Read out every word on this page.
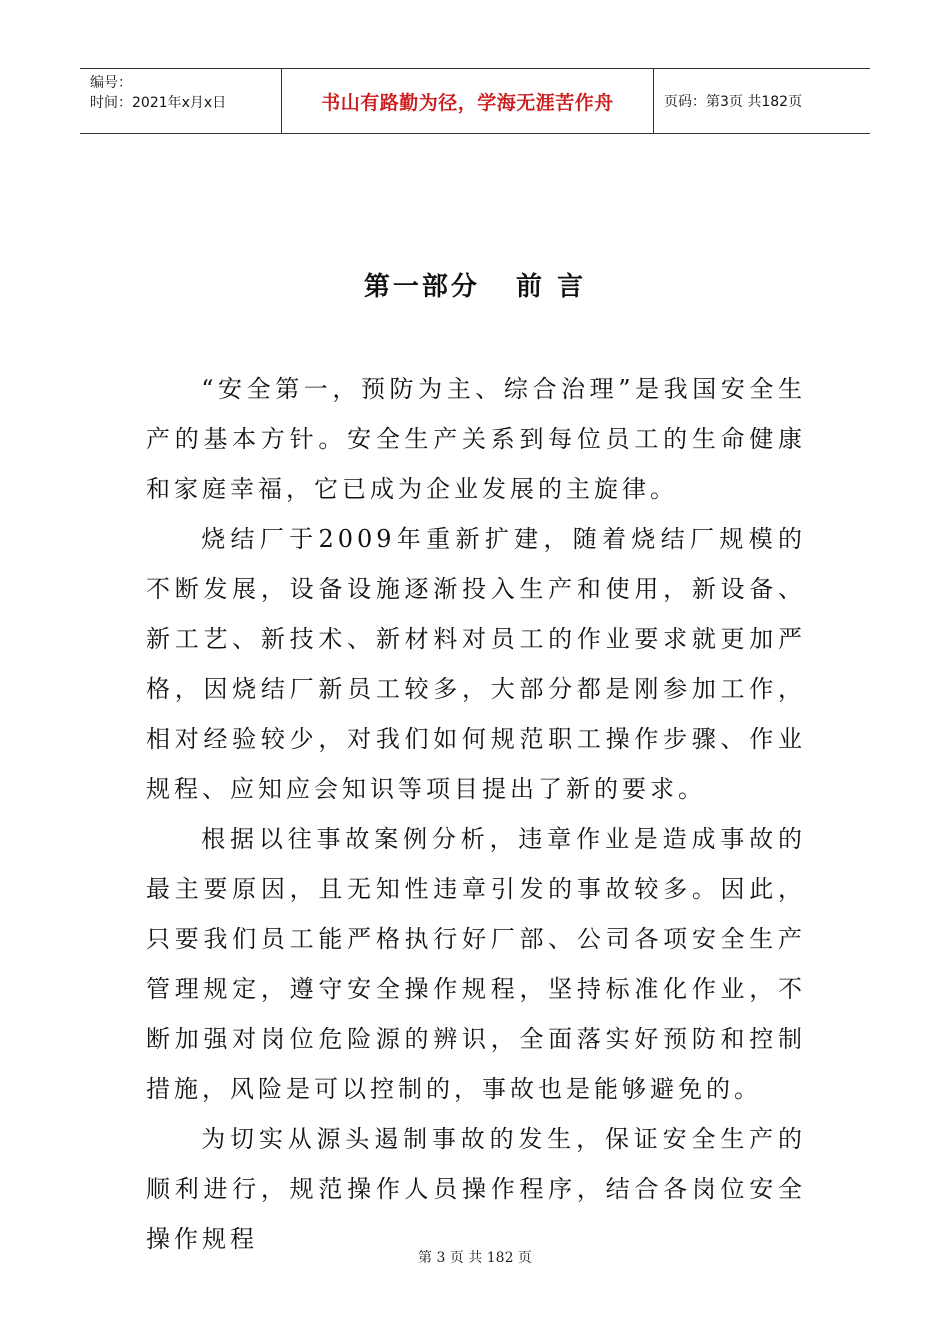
编号：
时间：2021年x月x日	书山有路勤为径，学海无涯苦作舟	页码：第3页 共182页
第一部分   前 言

“安全第一，预防为主、综合治理”是我国安全生产的基本方针。安全生产关系到每位员工的生命健康和家庭幸福，它已成为企业发展的主旋律。

烧结厂于2009年重新扩建，随着烧结厂规模的不断发展，设备设施逐渐投入生产和使用，新设备、新工艺、新技术、新材料对员工的作业要求就更加严格，因烧结厂新员工较多，大部分都是刚参加工作，相对经验较少，对我们如何规范职工操作步骤、作业规程、应知应会知识等项目提出了新的要求。

根据以往事故案例分析，违章作业是造成事故的最主要原因，且无知性违章引发的事故较多。因此，只要我们员工能严格执行好厂部、公司各项安全生产管理规定，遵守安全操作规程，坚持标准化作业，不断加强对岗位危险源的辨识，全面落实好预防和控制措施，风险是可以控制的，事故也是能够避免的。

为切实从源头遏制事故的发生，保证安全生产的顺利进行，规范操作人员操作程序，结合各岗位安全操作规程

第 3 页 共 182 页
